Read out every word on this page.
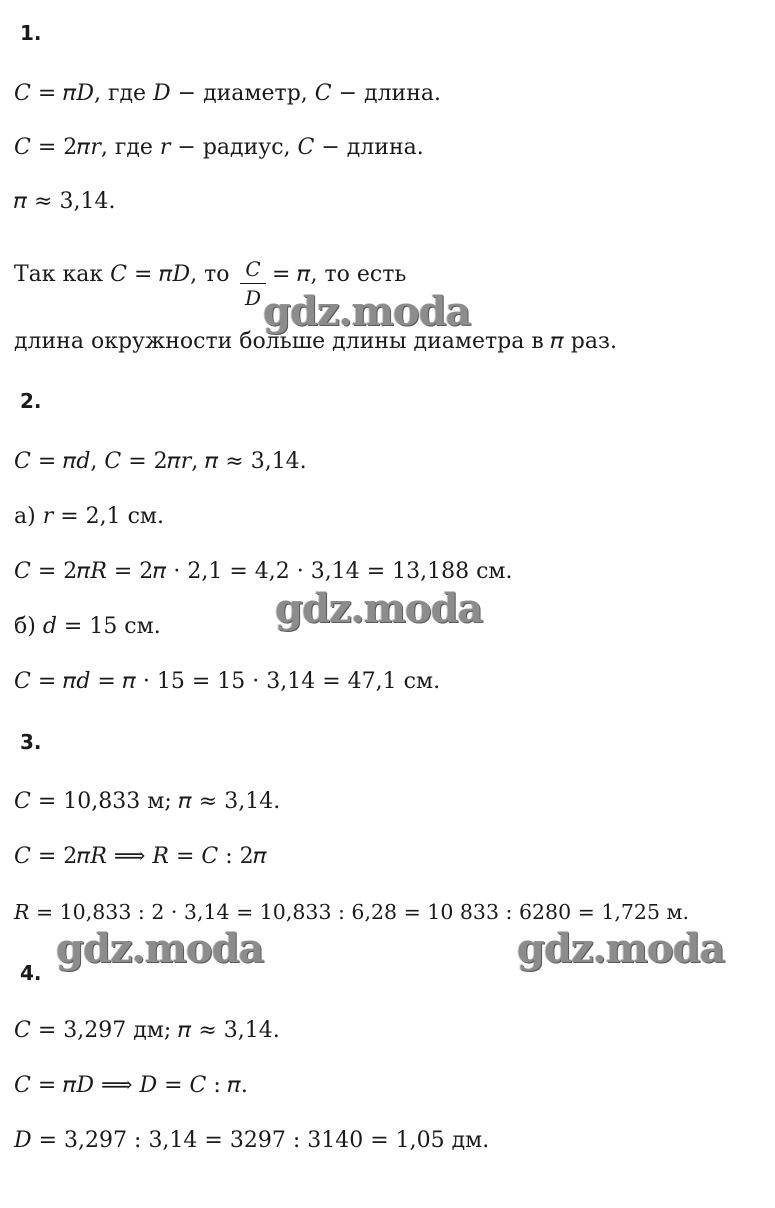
1.
𝐶 = 𝜋𝐷, где 𝐷 − диаметр, 𝐶 − длина.
𝐶 = 2𝜋𝑟, где 𝑟 − радиус, 𝐶 − длина.
𝜋 ≈ 3,14.
Так как 𝐶 = 𝜋𝐷, то 𝐶
𝐷
= 𝜋, то есть
длина окружности больше длины диаметра в 𝜋 раз.
2.
𝐶 = 𝜋𝑑, 𝐶 = 2𝜋𝑟, 𝜋 ≈ 3,14.
а) 𝑟 = 2,1 см.
𝐶 = 2𝜋𝑅 = 2𝜋 · 2,1 = 4,2 · 3,14 = 13,188 см.
б) 𝑑 = 15 см.
𝐶 = 𝜋𝑑 = 𝜋 · 15 = 15 · 3,14 = 47,1 см.
3.
𝐶 = 10,833 м; 𝜋 ≈ 3,14.
𝐶 = 2𝜋𝑅 ⟹ 𝑅 = 𝐶 : 2𝜋
𝑅 = 10,833 : 2 · 3,14 = 10,833 : 6,28 = 10 833 : 6280 = 1,725 м.
4.
𝐶 = 3,297 дм; 𝜋 ≈ 3,14.
𝐶 = 𝜋𝐷 ⟹ 𝐷 = 𝐶 : 𝜋.
𝐷 = 3,297 : 3,14 = 3297 : 3140 = 1,05 дм.
gdz.moda
gdz.moda
gdz.moda	gdz.moda
